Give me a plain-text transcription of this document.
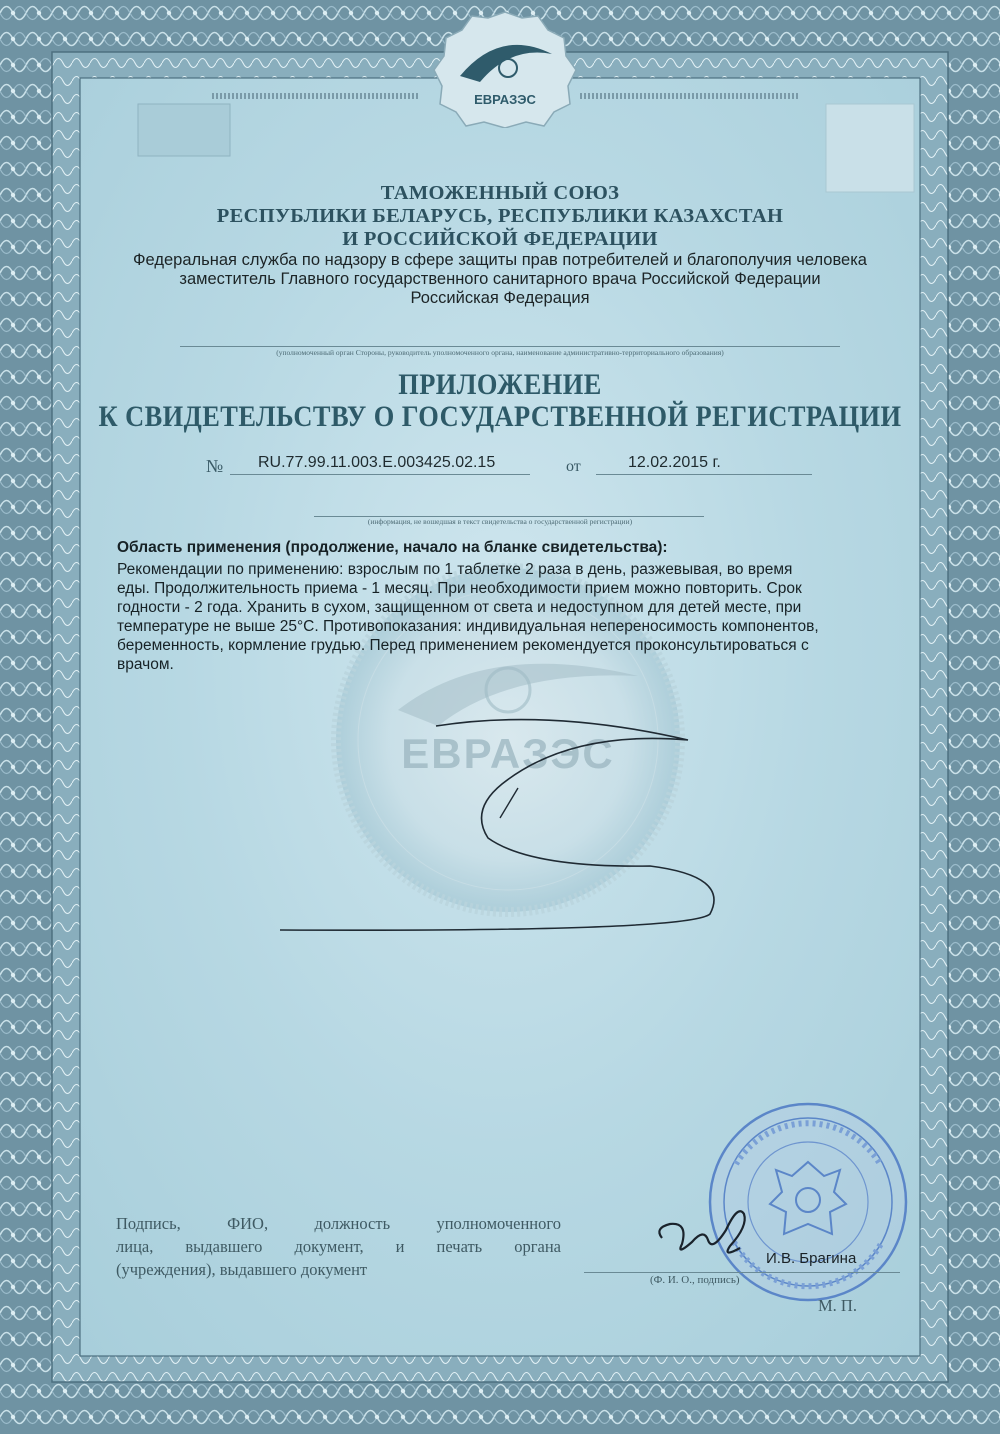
ЕВРАЗЭС
ЕВРАЗЭС
ТАМОЖЕННЫЙ СОЮЗ
РЕСПУБЛИКИ БЕЛАРУСЬ, РЕСПУБЛИКИ КАЗАХСТАН
И РОССИЙСКОЙ ФЕДЕРАЦИИ
Федеральная служба по надзору в сфере защиты прав потребителей и благополучия человека
заместитель Главного государственного санитарного врача Российской Федерации
Российская Федерация
(уполномоченный орган Стороны, руководитель уполномоченного органа, наименование административно-территориального образования)
ПРИЛОЖЕНИЕ
К СВИДЕТЕЛЬСТВУ О ГОСУДАРСТВЕННОЙ РЕГИСТРАЦИИ
№ RU.77.99.11.003.E.003425.02.15	от	12.02.2015 г.
(информация, не вошедшая в текст свидетельства о государственной регистрации)
Область применения (продолжение, начало на бланке свидетельства):
Рекомендации по применению: взрослым по 1 таблетке 2 раза в день, разжевывая, во время
еды. Продолжительность приема - 1 месяц. При необходимости прием можно повторить. Срок
годности - 2 года. Хранить в сухом, защищенном от света и недоступном для детей месте, при
температуре не выше 25°С. Противопоказания: индивидуальная непереносимость компонентов,
беременность, кормление грудью. Перед применением рекомендуется проконсультироваться с
врачом.
Подпись, ФИО, должность уполномоченного
лица, выдавшего документ, и печать органа
(учреждения), выдавшего документ
И.В. Брагина
(Ф. И. О., подпись)
М. П.
